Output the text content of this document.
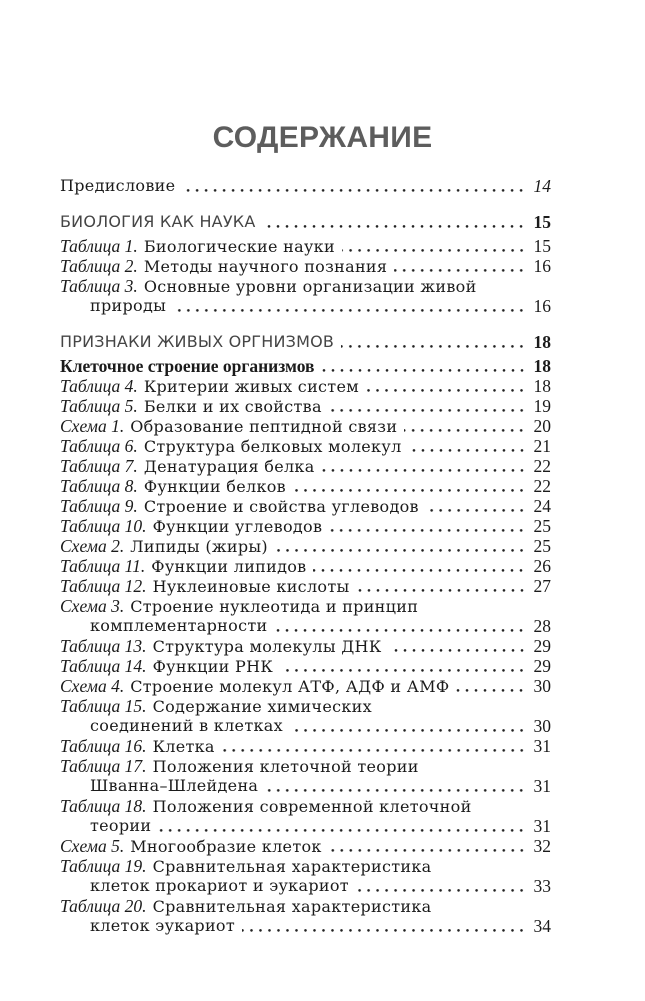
СОДЕРЖАНИЕ
Предисловие	14
БИОЛОГИЯ КАК НАУКА	15
Таблица 1. Биологические науки	15
Таблица 2. Методы научного познания	16
Таблица 3. Основные уровни организации живой
природы	16
ПРИЗНАКИ ЖИВЫХ ОРГНИЗМОВ	18
Клеточное строение организмов	18
Таблица 4. Критерии живых систем	18
Таблица 5. Белки и их свойства	19
Схема 1. Образование пептидной связи	20
Таблица 6. Структура белковых молекул	21
Таблица 7. Денатурация белка	22
Таблица 8. Функции белков	22
Таблица 9. Строение и свойства углеводов	24
Таблица 10. Функции углеводов	25
Схема 2. Липиды (жиры)	25
Таблица 11. Функции липидов	26
Таблица 12. Нуклеиновые кислоты	27
Схема 3. Строение нуклеотида и принцип
комплементарности	28
Таблица 13. Структура молекулы ДНК	29
Таблица 14. Функции РНК	29
Схема 4. Строение молекул АТФ, АДФ и АМФ	30
Таблица 15. Содержание химических
соединений в клетках	30
Таблица 16. Клетка	31
Таблица 17. Положения клеточной теории
Шванна–Шлейдена	31
Таблица 18. Положения современной клеточной
теории	31
Схема 5. Многообразие клеток	32
Таблица 19. Сравнительная характеристика
клеток прокариот и эукариот	33
Таблица 20. Сравнительная характеристика
клеток эукариот	34
